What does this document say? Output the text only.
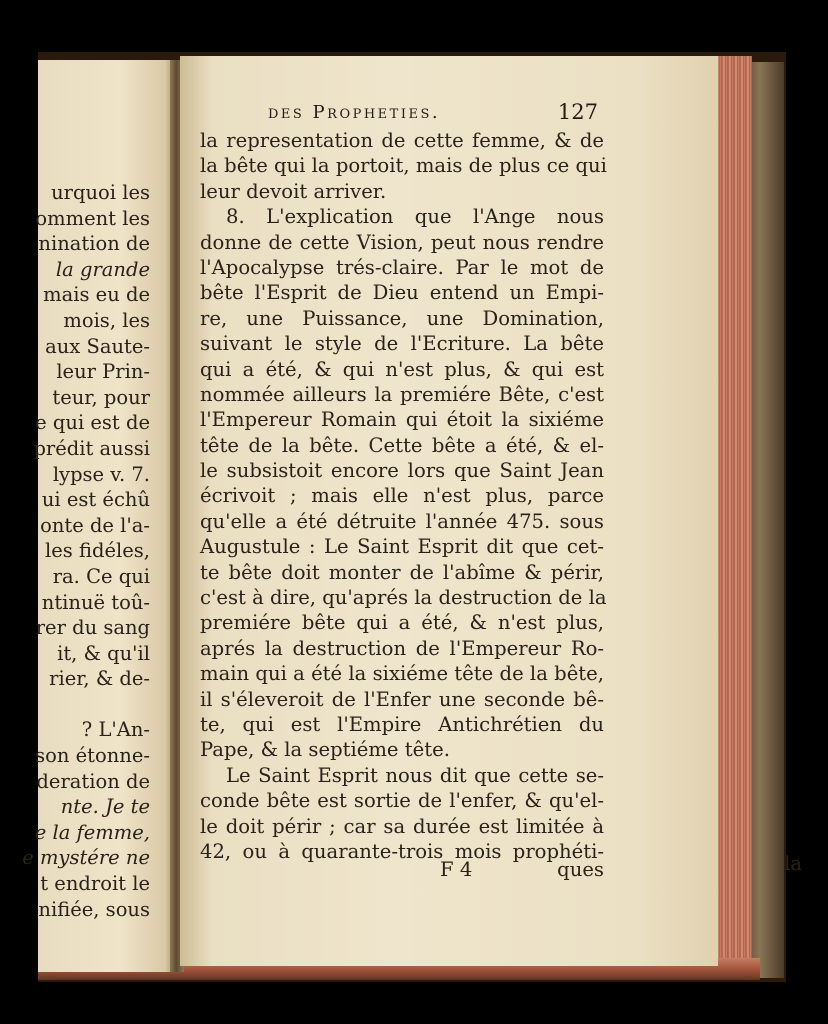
urquoi les
omment les
nination de
la grande
mais eu de
mois, les
aux Saute-
leur Prin-
teur, pour
e qui est de
prédit aussi
lypse v. 7.
ui est échû
onte de l'a-
les fidéles,
ra. Ce qui
ntinuë toû-
rer du sang
it, & qu'il
rier, & de-
? L'An-
son étonne-
deration de
nte. Je te
e la femme,
e mystére ne
t endroit le
nifiée, sous
la
des Propheties.	127
la representation de cette femme, & de
la bête qui la portoit, mais de plus ce qui
leur devoit arriver.
8. L'explication que l'Ange nous
donne de cette Vision, peut nous rendre
l'Apocalypse trés-claire. Par le mot de
bête l'Esprit de Dieu entend un Empi-
re, une Puissance, une Domination,
suivant le style de l'Ecriture. La bête
qui a été, & qui n'est plus, & qui est
nommée ailleurs la premiére Bête, c'est
l'Empereur Romain qui étoit la sixiéme
tête de la bête. Cette bête a été, & el-
le subsistoit encore lors que Saint Jean
écrivoit ; mais elle n'est plus, parce
qu'elle a été détruite l'année 475. sous
Augustule : Le Saint Esprit dit que cet-
te bête doit monter de l'abîme & périr,
c'est à dire, qu'aprés la destruction de la
premiére bête qui a été, & n'est plus,
aprés la destruction de l'Empereur Ro-
main qui a été la sixiéme tête de la bête,
il s'éleveroit de l'Enfer une seconde bê-
te, qui est l'Empire Antichrétien du
Pape, & la septiéme tête.
Le Saint Esprit nous dit que cette se-
conde bête est sortie de l'enfer, & qu'el-
le doit périr ; car sa durée est limitée à
42, ou à quarante-trois mois prophéti-
F 4	ques
